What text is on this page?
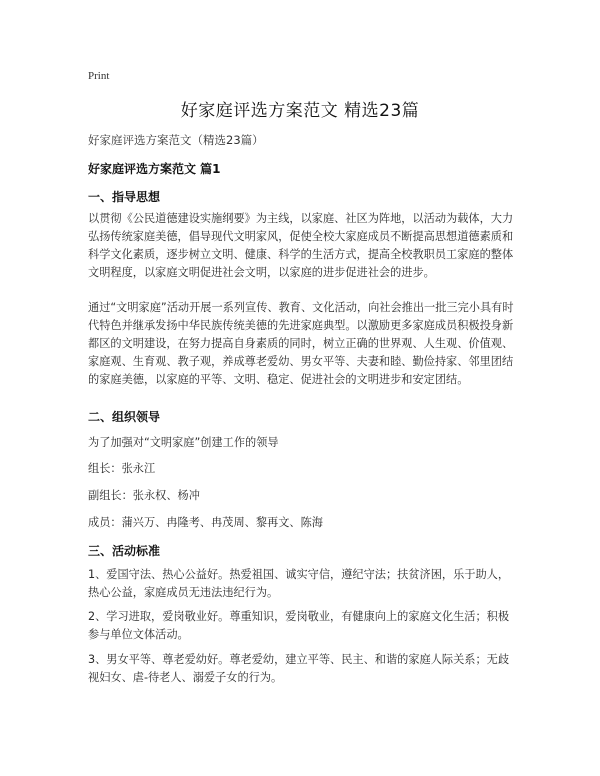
Print
好家庭评选方案范文 精选23篇
好家庭评选方案范文（精选23篇）
好家庭评选方案范文 篇1
一、指导思想

以贯彻《公民道德建设实施纲要》为主线，以家庭、社区为阵地，以活动为载体，大力弘扬传统家庭美德，倡导现代文明家风，促使全校大家庭成员不断提高思想道德素质和科学文化素质，逐步树立文明、健康、科学的生活方式，提高全校教职员工家庭的整体文明程度，以家庭文明促进社会文明，以家庭的进步促进社会的进步。

通过“文明家庭”活动开展一系列宣传、教育、文化活动，向社会推出一批三完小具有时代特色并继承发扬中华民族传统美德的先进家庭典型。以激励更多家庭成员积极投身新都区的文明建设，在努力提高自身素质的同时，树立正确的世界观、人生观、价值观、家庭观、生育观、教子观，养成尊老爱幼、男女平等、夫妻和睦、勤俭持家、邻里团结的家庭美德，以家庭的平等、文明、稳定、促进社会的文明进步和安定团结。

二、组织领导
为了加强对“文明家庭”创建工作的领导
组长：张永江
副组长：张永权、杨冲
成员：蒲兴万、冉隆考、冉茂周、黎再文、陈海
三、活动标准

1、爱国守法、热心公益好。热爱祖国、诚实守信，遵纪守法；扶贫济困，乐于助人，热心公益，家庭成员无违法违纪行为。

2、学习进取，爱岗敬业好。尊重知识，爱岗敬业，有健康向上的家庭文化生活；积极参与单位文体活动。

3、男女平等、尊老爱幼好。尊老爱幼，建立平等、民主、和谐的家庭人际关系；无歧视妇女、虐-待老人、溺爱子女的行为。
